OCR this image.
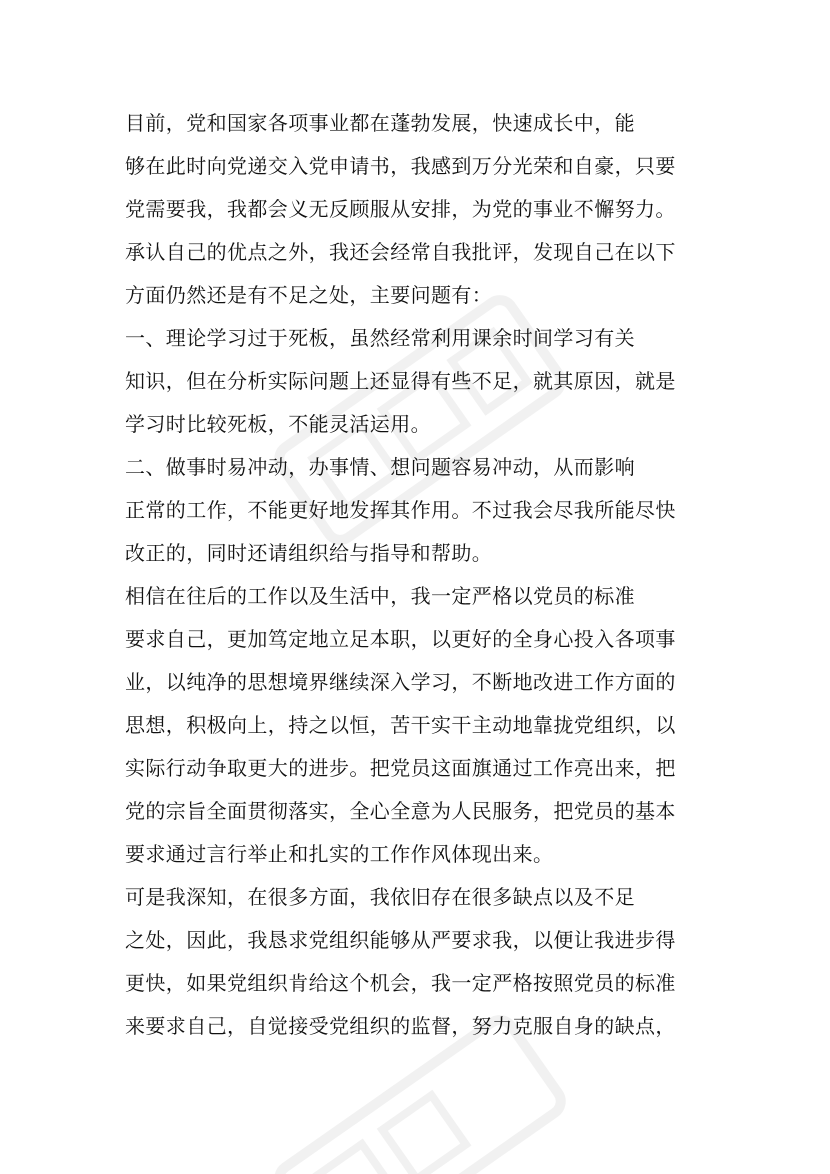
目前，党和国家各项事业都在蓬勃发展，快速成长中，能
够在此时向党递交入党申请书，我感到万分光荣和自豪，只要
党需要我，我都会义无反顾服从安排，为党的事业不懈努力。
承认自己的优点之外，我还会经常自我批评，发现自己在以下
方面仍然还是有不足之处，主要问题有：
一、理论学习过于死板，虽然经常利用课余时间学习有关
知识，但在分析实际问题上还显得有些不足，就其原因，就是
学习时比较死板，不能灵活运用。
二、做事时易冲动，办事情、想问题容易冲动，从而影响
正常的工作，不能更好地发挥其作用。不过我会尽我所能尽快
改正的，同时还请组织给与指导和帮助。
相信在往后的工作以及生活中，我一定严格以党员的标准
要求自己，更加笃定地立足本职，以更好的全身心投入各项事
业，以纯净的思想境界继续深入学习，不断地改进工作方面的
思想，积极向上，持之以恒，苦干实干主动地靠拢党组织，以
实际行动争取更大的进步。把党员这面旗通过工作亮出来，把
党的宗旨全面贯彻落实，全心全意为人民服务，把党员的基本
要求通过言行举止和扎实的工作作风体现出来。
可是我深知，在很多方面，我依旧存在很多缺点以及不足
之处，因此，我恳求党组织能够从严要求我，以便让我进步得
更快，如果党组织肯给这个机会，我一定严格按照党员的标准
来要求自己，自觉接受党组织的监督，努力克服自身的缺点，
